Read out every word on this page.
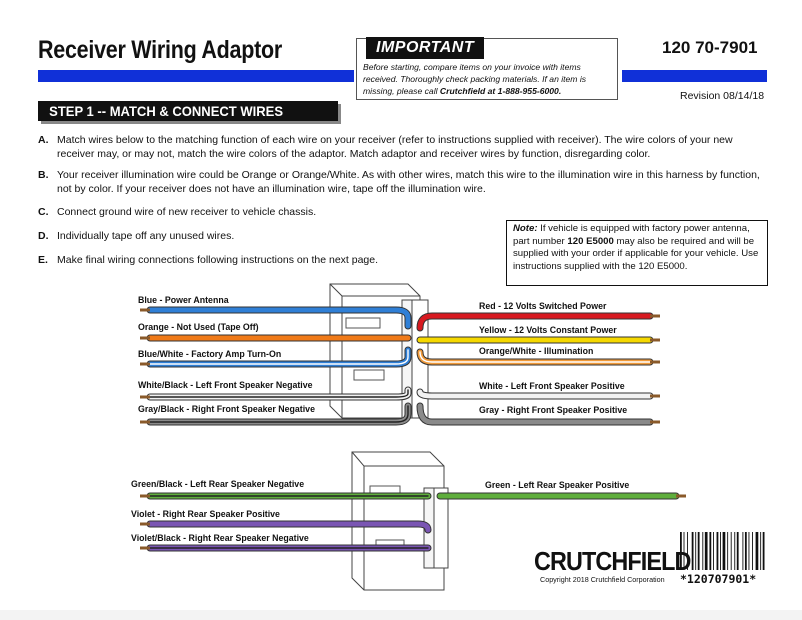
Receiver Wiring Adaptor	120 70-7901
IMPORTANT
Before starting, compare items on your invoice with items received. Thoroughly check packing materials. If an item is missing, please call Crutchfield at 1-888-955-6000.	Revision 08/14/18
STEP 1 -- MATCH & CONNECT WIRES
A. Match wires below to the matching function of each wire on your receiver (refer to instructions supplied with receiver). The wire colors of your new receiver may, or may not, match the wire colors of the adaptor. Match adaptor and receiver wires by function, disregarding color.
B. Your receiver illumination wire could be Orange or Orange/White. As with other wires, match this wire to the illumination wire in this harness by function, not by color. If your receiver does not have an illumination wire, tape off the illumination wire.
C. Connect ground wire of new receiver to vehicle chassis.
D. Individually tape off any unused wires.
E. Make final wiring connections following instructions on the next page.
Note: If vehicle is equipped with factory power antenna, part number 120 E5000 may also be required and will be supplied with your order if applicable for your vehicle. Use instructions supplied with the 120 E5000.
Blue - Power Antenna
Orange - Not Used (Tape Off)
Blue/White - Factory Amp Turn-On
White/Black - Left Front Speaker Negative
Gray/Black - Right Front Speaker Negative
Red - 12 Volts Switched Power
Yellow - 12 Volts Constant Power
Orange/White - Illumination
White - Left Front Speaker Positive
Gray - Right Front Speaker Positive
Green/Black - Left Rear Speaker Negative
Violet - Right Rear Speaker Positive
Violet/Black - Right Rear Speaker Negative
Green - Left Rear Speaker Positive
CRUTCHFIELD
Copyright 2018 Crutchfield Corporation *120707901*
